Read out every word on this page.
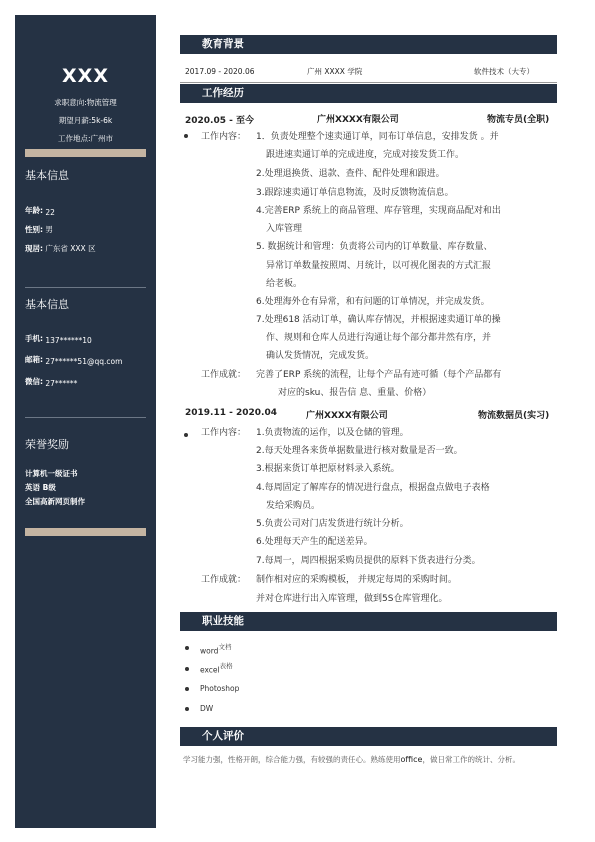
XXX
求职意向:物流管理
期望月薪:5k-6k
工作地点:广州市
基本信息
年龄: 22
性别: 男
现居: 广东省 XXX 区
基本信息
手机: 137******10
邮箱: 27******51@qq.com
微信: 27******
荣誉奖励
计算机一级证书
英语 B级
全国高新网页制作
教育背景
2017.09 - 2020.06	广州 XXXX 学院	软件技术（大专）
工作经历
2020.05 - 至今	广州XXXX有限公司	物流专员(全职)
工作内容： 1．负责处理整个速卖通订单，同布订单信息，安排发货 。并
跟进速卖通订单的完成进度，完成对接发货工作。
2.处理退换货、退款、查件、配件处理和跟进。
3.跟踪速卖通订单信息物流，及时反馈物流信息。
4.完善ERP 系统上的商品管理、库存管理，实现商品配对和出
入库管理
5. 数据统计和管理：负责将公司内的订单数量、库存数量、
异常订单数量按照周、月统计，以可视化图表的方式汇报
给老板。
6.处理海外仓有异常，和有问题的订单情况，并完成发货。
7.处理618 活动订单，确认库存情况，并根据速卖通订单的操
作、规则和仓库人员进行沟通让每个部分都井然有序，并
确认发货情况，完成发货。
工作成就： 完善了ERP 系统的流程，让每个产品有迹可循（每个产品都有
对应的sku、报告信 息、重量、价格）
2019.11 - 2020.04	广州XXXX有限公司	物流数据员(实习)
工作内容： 1.负责物流的运作，以及仓储的管理。
2.每天处理各来货单据数量进行核对数量是否一致。
3.根据来货订单把原材料录入系统。
4.每周固定了解库存的情况进行盘点，根据盘点做电子表格
发给采购员。
5.负责公司对门店发货进行统计分析。
6.处理每天产生的配送差异。
7.每周一，周四根据采购员提供的原料下货表进行分类。
工作成就： 制作相对应的采购模板， 并规定每周的采购时间。
并对仓库进行出入库管理，做到5S仓库管理化。
职业技能
word$^{文档}$
excel$^{表格}$
Photoshop
DW
个人评价
学习能力强，性格开朗，综合能力强，有较强的责任心。熟练使用office，做日常工作的统计、分析。
